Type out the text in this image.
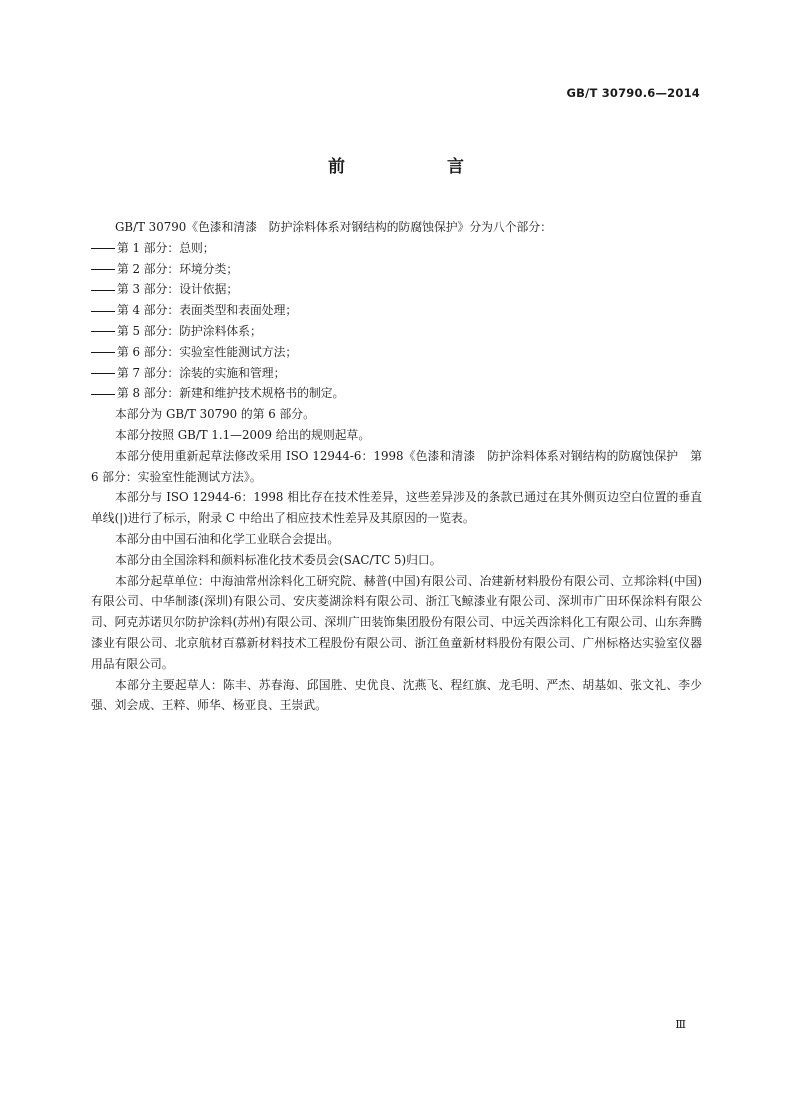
GB/T 30790.6—2014
前 言

GB/T 30790《色漆和清漆　防护涂料体系对钢结构的防腐蚀保护》分为八个部分：

第 1 部分：总则；

第 2 部分：环境分类；

第 3 部分：设计依据；

第 4 部分：表面类型和表面处理；

第 5 部分：防护涂料体系；

第 6 部分：实验室性能测试方法；

第 7 部分：涂装的实施和管理；

第 8 部分：新建和维护技术规格书的制定。

本部分为 GB/T 30790 的第 6 部分。

本部分按照 GB/T 1.1—2009 给出的规则起草。

本部分使用重新起草法修改采用 ISO 12944-6：1998《色漆和清漆　防护涂料体系对钢结构的防腐蚀保护　第 6 部分：实验室性能测试方法》。

本部分与 ISO 12944-6：1998 相比存在技术性差异，这些差异涉及的条款已通过在其外侧页边空白位置的垂直单线(|)进行了标示，附录 C 中给出了相应技术性差异及其原因的一览表。

本部分由中国石油和化学工业联合会提出。

本部分由全国涂料和颜料标准化技术委员会(SAC/TC 5)归口。

本部分起草单位：中海油常州涂料化工研究院、赫普(中国)有限公司、冶建新材料股份有限公司、立邦涂料(中国)有限公司、中华制漆(深圳)有限公司、安庆菱湖涂料有限公司、浙江飞鲸漆业有限公司、深圳市广田环保涂料有限公司、阿克苏诺贝尔防护涂料(苏州)有限公司、深圳广田装饰集团股份有限公司、中远关西涂料化工有限公司、山东奔腾漆业有限公司、北京航材百慕新材料技术工程股份有限公司、浙江鱼童新材料股份有限公司、广州标格达实验室仪器用品有限公司。

本部分主要起草人：陈丰、苏春海、邱国胜、史优良、沈燕飞、程红旗、龙毛明、严杰、胡基如、张文礼、李少强、刘会成、王粹、师华、杨亚良、王崇武。

Ⅲ
